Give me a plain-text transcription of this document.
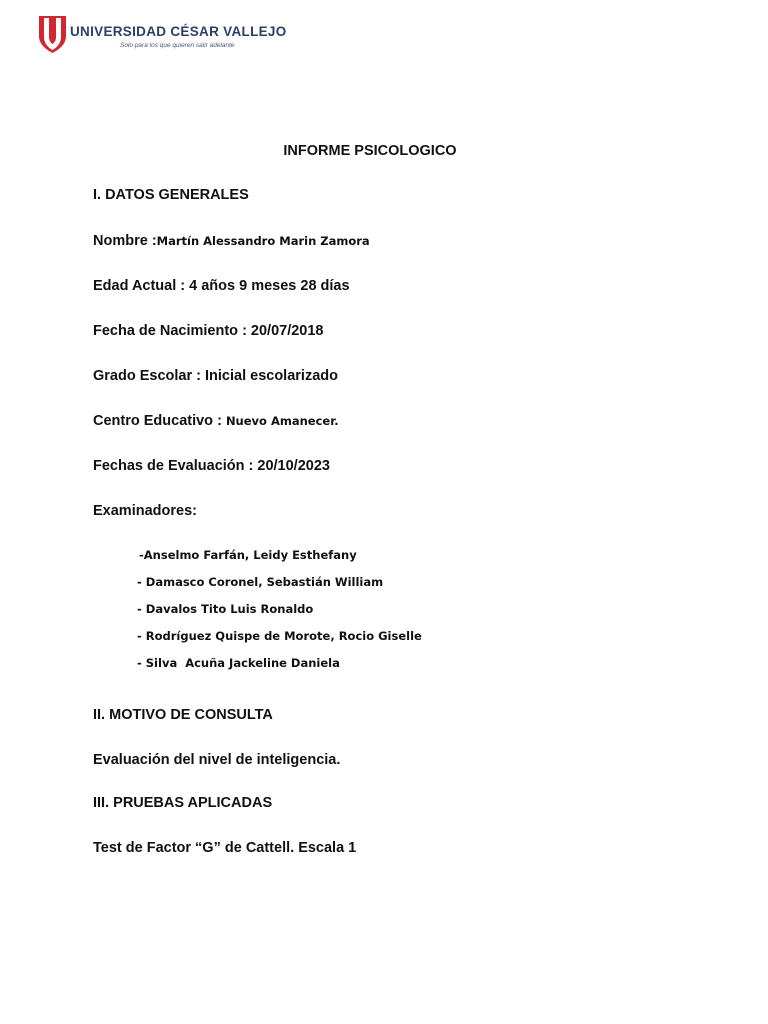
UNIVERSIDAD CÉSAR VALLEJO
Solo para los que quieren salir adelante
INFORME PSICOLOGICO
I. DATOS GENERALES
Nombre :Martín Alessandro Marin Zamora
Edad Actual : 4 años 9 meses 28 días
Fecha de Nacimiento : 20/07/2018
Grado Escolar : Inicial escolarizado
Centro Educativo : Nuevo Amanecer.
Fechas de Evaluación : 20/10/2023
Examinadores:
-Anselmo Farfán, Leidy Esthefany
- Damasco Coronel, Sebastián William
- Davalos Tito Luis Ronaldo
- Rodríguez Quispe de Morote, Rocio Giselle
- Silva  Acuña Jackeline Daniela
II. MOTIVO DE CONSULTA
Evaluación del nivel de inteligencia.
III. PRUEBAS APLICADAS
Test de Factor “G” de Cattell. Escala 1
